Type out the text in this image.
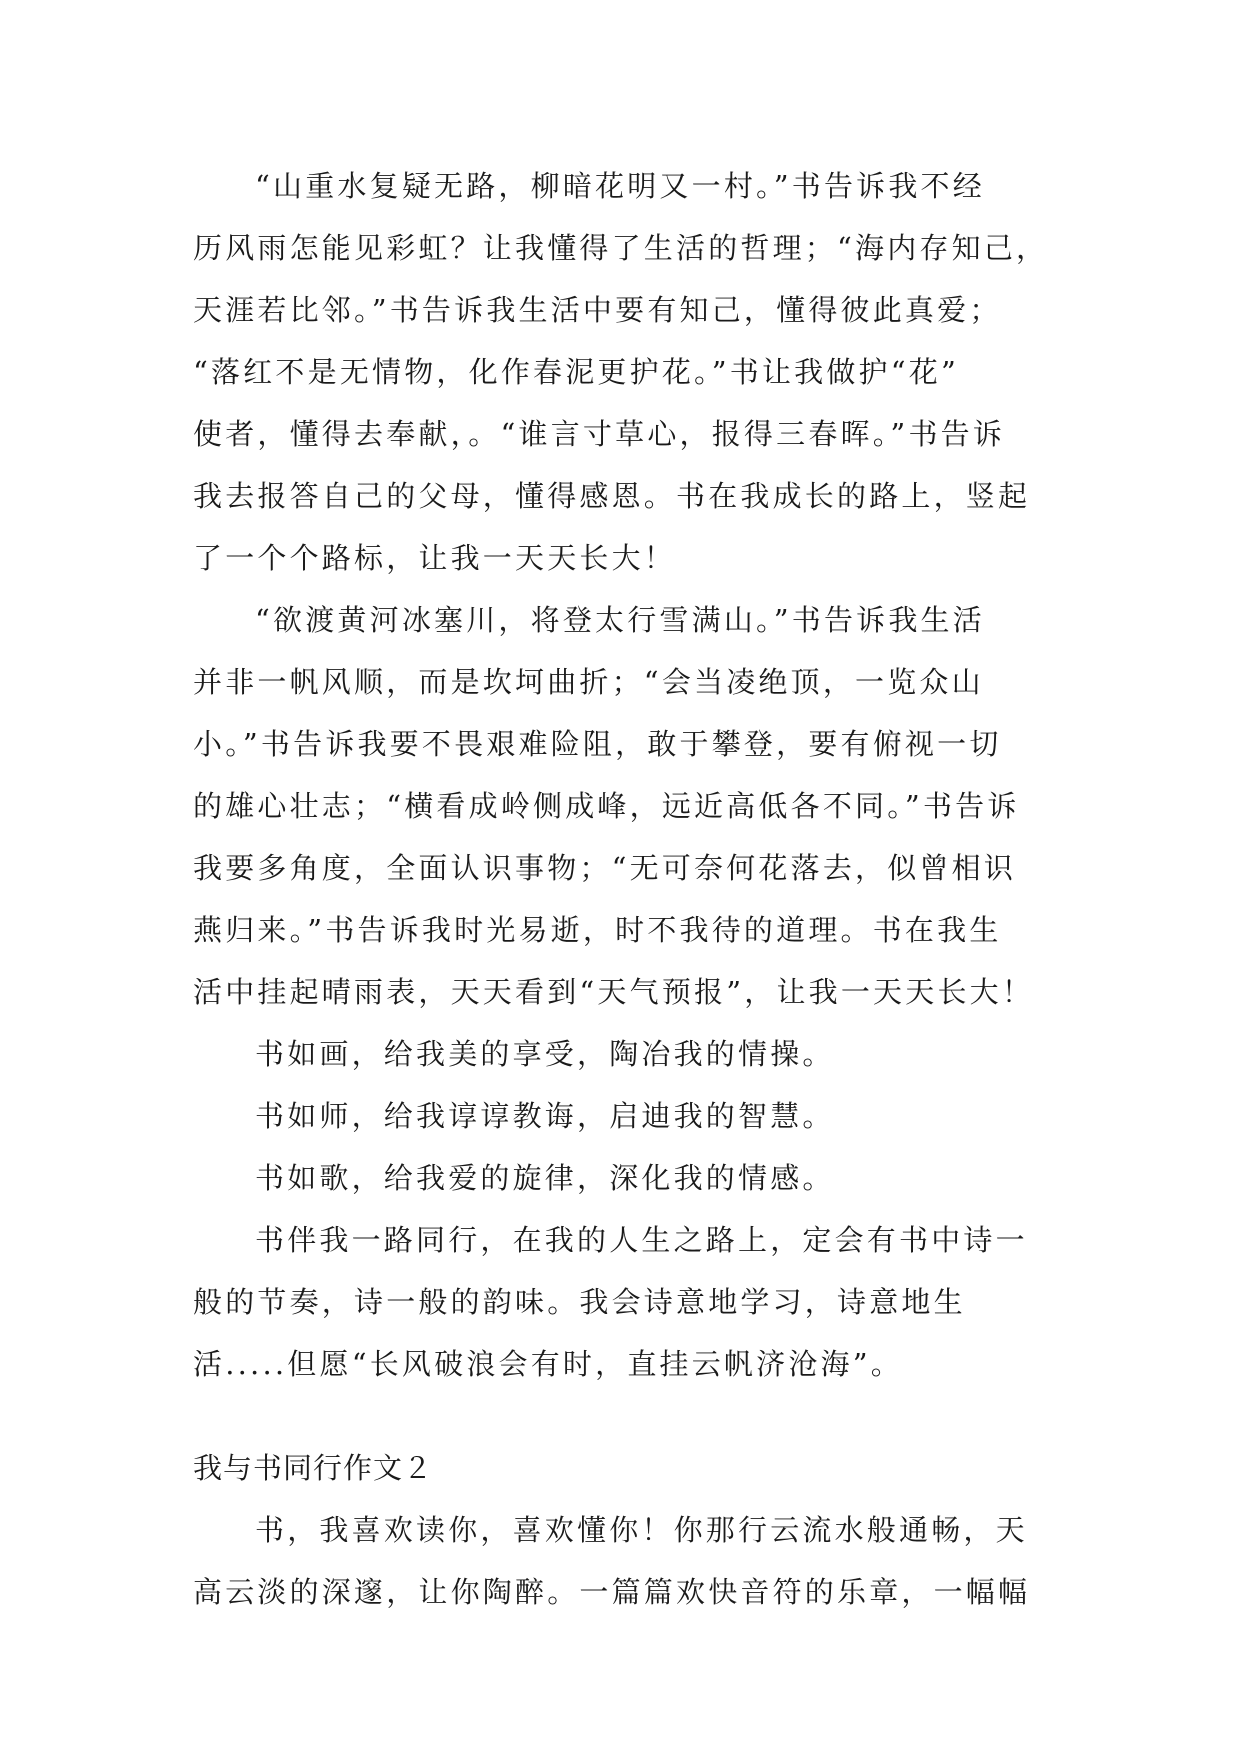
“山重水复疑无路，柳暗花明又一村。”书告诉我不经
历风雨怎能见彩虹？让我懂得了生活的哲理；“海内存知己，
天涯若比邻。”书告诉我生活中要有知己，懂得彼此真爱；
“落红不是无情物，化作春泥更护花。”书让我做护“花”
使者，懂得去奉献，。“谁言寸草心，报得三春晖。”书告诉
我去报答自己的父母，懂得感恩。书在我成长的路上，竖起
了一个个路标，让我一天天长大！
“欲渡黄河冰塞川，将登太行雪满山。”书告诉我生活
并非一帆风顺，而是坎坷曲折；“会当凌绝顶，一览众山
小。”书告诉我要不畏艰难险阻，敢于攀登，要有俯视一切
的雄心壮志；“横看成岭侧成峰，远近高低各不同。”书告诉
我要多角度，全面认识事物；“无可奈何花落去，似曾相识
燕归来。”书告诉我时光易逝，时不我待的道理。书在我生
活中挂起晴雨表，天天看到“天气预报”，让我一天天长大！
书如画，给我美的享受，陶冶我的情操。
书如师，给我谆谆教诲，启迪我的智慧。
书如歌，给我爱的旋律，深化我的情感。
书伴我一路同行，在我的人生之路上，定会有书中诗一
般的节奏，诗一般的韵味。我会诗意地学习，诗意地生
活.....但愿“长风破浪会有时，直挂云帆济沧海”。
我与书同行作文２
书，我喜欢读你，喜欢懂你！你那行云流水般通畅，天
高云淡的深邃，让你陶醉。一篇篇欢快音符的乐章，一幅幅
